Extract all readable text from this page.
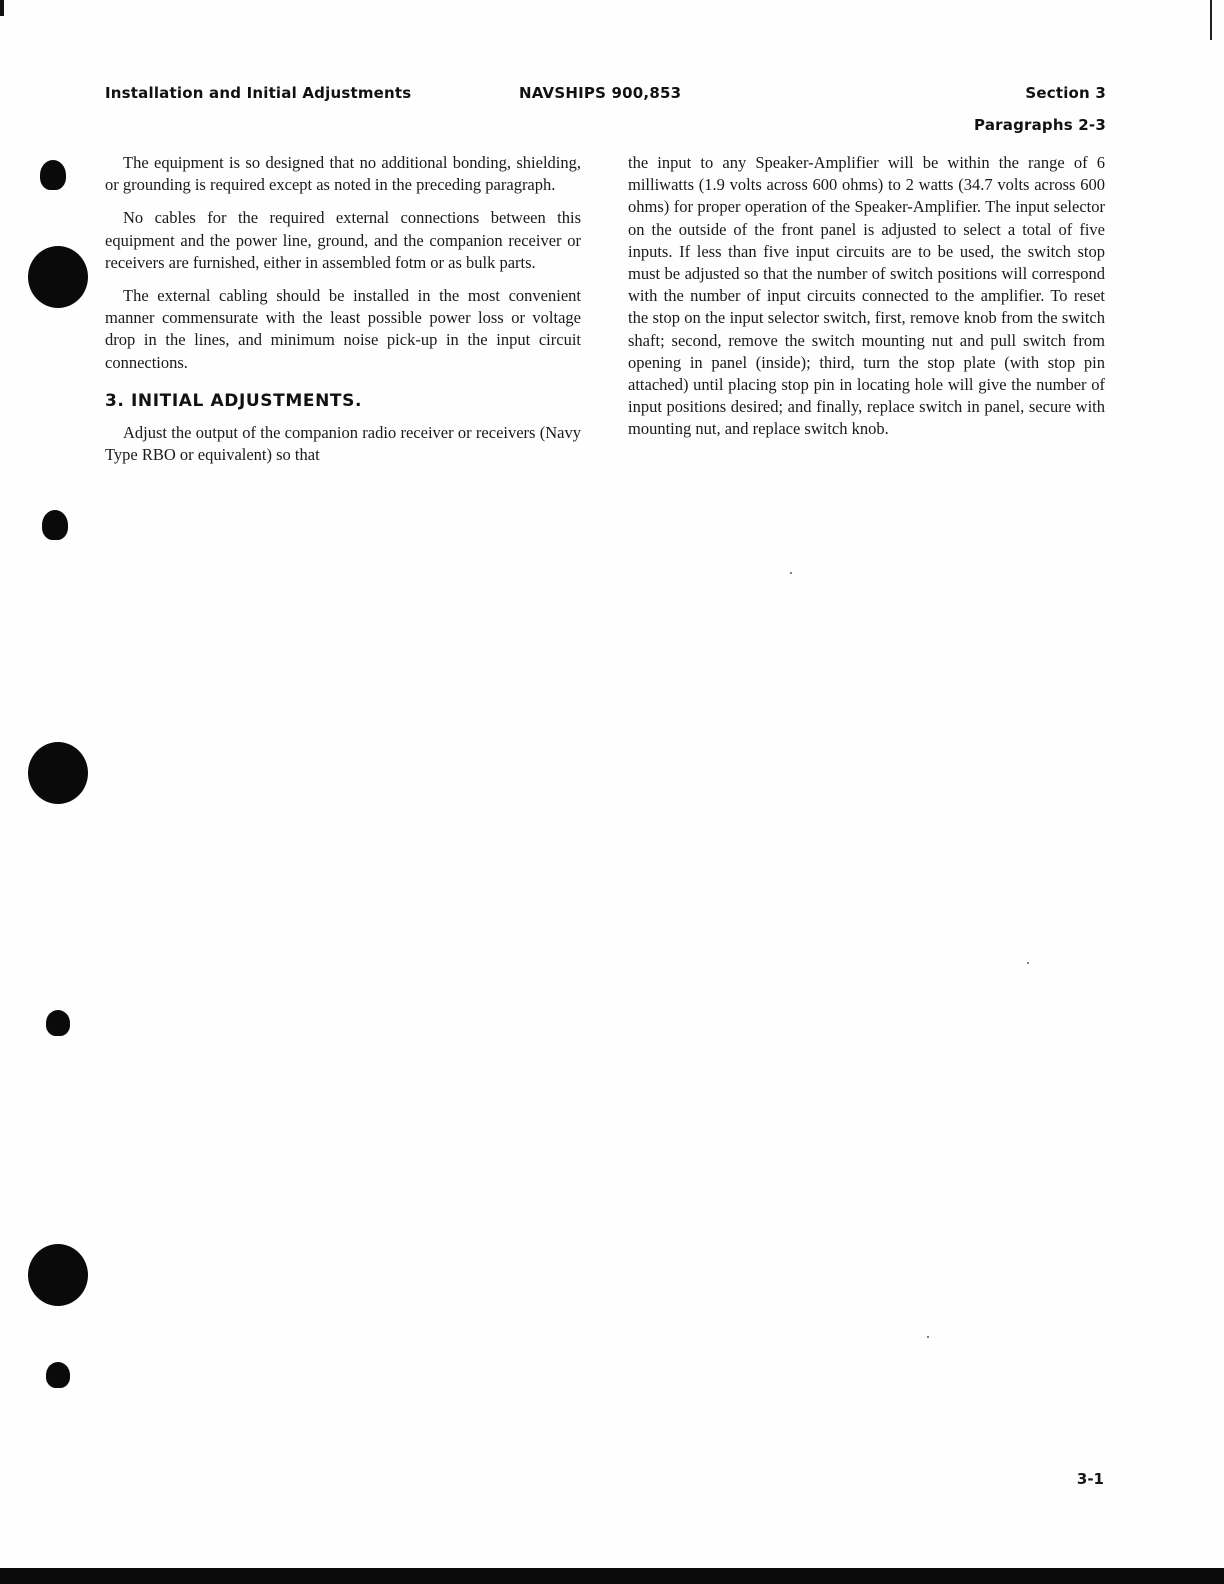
Installation and Initial Adjustments	NAVSHIPS 900,853	Section 3
Paragraphs 2-3

The equipment is so designed that no additional bonding, shielding, or grounding is required except as noted in the preceding paragraph.

No cables for the required external connections between this equipment and the power line, ground, and the companion receiver or receivers are furnished, either in assembled fotm or as bulk parts.

The external cabling should be installed in the most convenient manner commensurate with the least possible power loss or voltage drop in the lines, and minimum noise pick-up in the input circuit connections.

3. INITIAL ADJUSTMENTS.

Adjust the output of the companion radio receiver or receivers (Navy Type RBO or equivalent) so that

the input to any Speaker-Amplifier will be within the range of 6 milliwatts (1.9 volts across 600 ohms) to 2 watts (34.7 volts across 600 ohms) for proper operation of the Speaker-Amplifier. The input selector on the outside of the front panel is adjusted to select a total of five inputs. If less than five input circuits are to be used, the switch stop must be adjusted so that the number of switch positions will correspond with the number of input circuits connected to the amplifier. To reset the stop on the input selector switch, first, remove knob from the switch shaft; second, remove the switch mounting nut and pull switch from opening in panel (inside); third, turn the stop plate (with stop pin attached) until placing stop pin in locating hole will give the number of input positions desired; and finally, replace switch in panel, secure with mounting nut, and replace switch knob.

3-1
